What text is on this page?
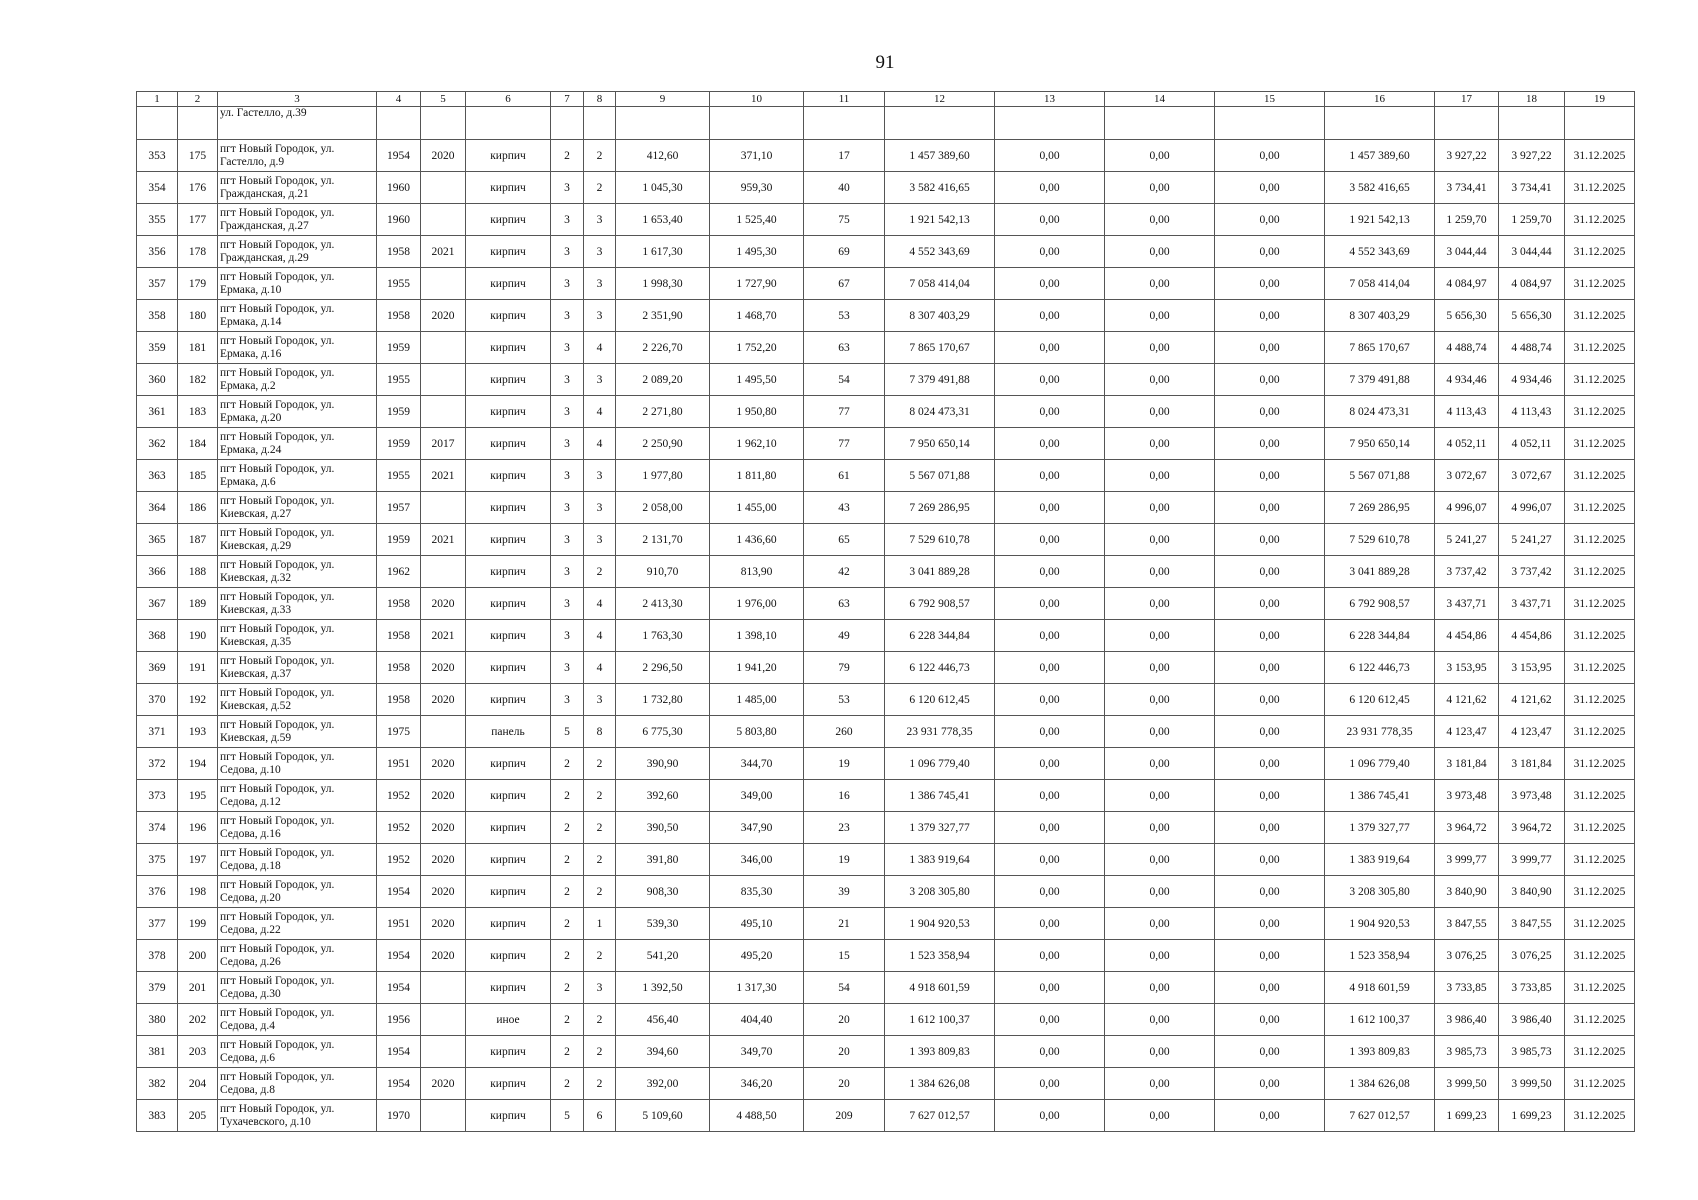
91
1	2	3	4	5	6	7	8	9	10	11	12	13	14	15	16	17	18	19
		ул. Гастелло, д.39																
353	175	пгт Новый Городок, ул. Гастелло, д.9	1954	2020	кирпич	2	2	412,60	371,10	17	1 457 389,60	0,00	0,00	0,00	1 457 389,60	3 927,22	3 927,22	31.12.2025
354	176	пгт Новый Городок, ул. Гражданская, д.21	1960		кирпич	3	2	1 045,30	959,30	40	3 582 416,65	0,00	0,00	0,00	3 582 416,65	3 734,41	3 734,41	31.12.2025
355	177	пгт Новый Городок, ул. Гражданская, д.27	1960		кирпич	3	3	1 653,40	1 525,40	75	1 921 542,13	0,00	0,00	0,00	1 921 542,13	1 259,70	1 259,70	31.12.2025
356	178	пгт Новый Городок, ул. Гражданская, д.29	1958	2021	кирпич	3	3	1 617,30	1 495,30	69	4 552 343,69	0,00	0,00	0,00	4 552 343,69	3 044,44	3 044,44	31.12.2025
357	179	пгт Новый Городок, ул. Ермака, д.10	1955		кирпич	3	3	1 998,30	1 727,90	67	7 058 414,04	0,00	0,00	0,00	7 058 414,04	4 084,97	4 084,97	31.12.2025
358	180	пгт Новый Городок, ул. Ермака, д.14	1958	2020	кирпич	3	3	2 351,90	1 468,70	53	8 307 403,29	0,00	0,00	0,00	8 307 403,29	5 656,30	5 656,30	31.12.2025
359	181	пгт Новый Городок, ул. Ермака, д.16	1959		кирпич	3	4	2 226,70	1 752,20	63	7 865 170,67	0,00	0,00	0,00	7 865 170,67	4 488,74	4 488,74	31.12.2025
360	182	пгт Новый Городок, ул. Ермака, д.2	1955		кирпич	3	3	2 089,20	1 495,50	54	7 379 491,88	0,00	0,00	0,00	7 379 491,88	4 934,46	4 934,46	31.12.2025
361	183	пгт Новый Городок, ул. Ермака, д.20	1959		кирпич	3	4	2 271,80	1 950,80	77	8 024 473,31	0,00	0,00	0,00	8 024 473,31	4 113,43	4 113,43	31.12.2025
362	184	пгт Новый Городок, ул. Ермака, д.24	1959	2017	кирпич	3	4	2 250,90	1 962,10	77	7 950 650,14	0,00	0,00	0,00	7 950 650,14	4 052,11	4 052,11	31.12.2025
363	185	пгт Новый Городок, ул. Ермака, д.6	1955	2021	кирпич	3	3	1 977,80	1 811,80	61	5 567 071,88	0,00	0,00	0,00	5 567 071,88	3 072,67	3 072,67	31.12.2025
364	186	пгт Новый Городок, ул. Киевская, д.27	1957		кирпич	3	3	2 058,00	1 455,00	43	7 269 286,95	0,00	0,00	0,00	7 269 286,95	4 996,07	4 996,07	31.12.2025
365	187	пгт Новый Городок, ул. Киевская, д.29	1959	2021	кирпич	3	3	2 131,70	1 436,60	65	7 529 610,78	0,00	0,00	0,00	7 529 610,78	5 241,27	5 241,27	31.12.2025
366	188	пгт Новый Городок, ул. Киевская, д.32	1962		кирпич	3	2	910,70	813,90	42	3 041 889,28	0,00	0,00	0,00	3 041 889,28	3 737,42	3 737,42	31.12.2025
367	189	пгт Новый Городок, ул. Киевская, д.33	1958	2020	кирпич	3	4	2 413,30	1 976,00	63	6 792 908,57	0,00	0,00	0,00	6 792 908,57	3 437,71	3 437,71	31.12.2025
368	190	пгт Новый Городок, ул. Киевская, д.35	1958	2021	кирпич	3	4	1 763,30	1 398,10	49	6 228 344,84	0,00	0,00	0,00	6 228 344,84	4 454,86	4 454,86	31.12.2025
369	191	пгт Новый Городок, ул. Киевская, д.37	1958	2020	кирпич	3	4	2 296,50	1 941,20	79	6 122 446,73	0,00	0,00	0,00	6 122 446,73	3 153,95	3 153,95	31.12.2025
370	192	пгт Новый Городок, ул. Киевская, д.52	1958	2020	кирпич	3	3	1 732,80	1 485,00	53	6 120 612,45	0,00	0,00	0,00	6 120 612,45	4 121,62	4 121,62	31.12.2025
371	193	пгт Новый Городок, ул. Киевская, д.59	1975		панель	5	8	6 775,30	5 803,80	260	23 931 778,35	0,00	0,00	0,00	23 931 778,35	4 123,47	4 123,47	31.12.2025
372	194	пгт Новый Городок, ул. Седова, д.10	1951	2020	кирпич	2	2	390,90	344,70	19	1 096 779,40	0,00	0,00	0,00	1 096 779,40	3 181,84	3 181,84	31.12.2025
373	195	пгт Новый Городок, ул. Седова, д.12	1952	2020	кирпич	2	2	392,60	349,00	16	1 386 745,41	0,00	0,00	0,00	1 386 745,41	3 973,48	3 973,48	31.12.2025
374	196	пгт Новый Городок, ул. Седова, д.16	1952	2020	кирпич	2	2	390,50	347,90	23	1 379 327,77	0,00	0,00	0,00	1 379 327,77	3 964,72	3 964,72	31.12.2025
375	197	пгт Новый Городок, ул. Седова, д.18	1952	2020	кирпич	2	2	391,80	346,00	19	1 383 919,64	0,00	0,00	0,00	1 383 919,64	3 999,77	3 999,77	31.12.2025
376	198	пгт Новый Городок, ул. Седова, д.20	1954	2020	кирпич	2	2	908,30	835,30	39	3 208 305,80	0,00	0,00	0,00	3 208 305,80	3 840,90	3 840,90	31.12.2025
377	199	пгт Новый Городок, ул. Седова, д.22	1951	2020	кирпич	2	1	539,30	495,10	21	1 904 920,53	0,00	0,00	0,00	1 904 920,53	3 847,55	3 847,55	31.12.2025
378	200	пгт Новый Городок, ул. Седова, д.26	1954	2020	кирпич	2	2	541,20	495,20	15	1 523 358,94	0,00	0,00	0,00	1 523 358,94	3 076,25	3 076,25	31.12.2025
379	201	пгт Новый Городок, ул. Седова, д.30	1954		кирпич	2	3	1 392,50	1 317,30	54	4 918 601,59	0,00	0,00	0,00	4 918 601,59	3 733,85	3 733,85	31.12.2025
380	202	пгт Новый Городок, ул. Седова, д.4	1956		иное	2	2	456,40	404,40	20	1 612 100,37	0,00	0,00	0,00	1 612 100,37	3 986,40	3 986,40	31.12.2025
381	203	пгт Новый Городок, ул. Седова, д.6	1954		кирпич	2	2	394,60	349,70	20	1 393 809,83	0,00	0,00	0,00	1 393 809,83	3 985,73	3 985,73	31.12.2025
382	204	пгт Новый Городок, ул. Седова, д.8	1954	2020	кирпич	2	2	392,00	346,20	20	1 384 626,08	0,00	0,00	0,00	1 384 626,08	3 999,50	3 999,50	31.12.2025
383	205	пгт Новый Городок, ул. Тухачевского, д.10	1970		кирпич	5	6	5 109,60	4 488,50	209	7 627 012,57	0,00	0,00	0,00	7 627 012,57	1 699,23	1 699,23	31.12.2025
